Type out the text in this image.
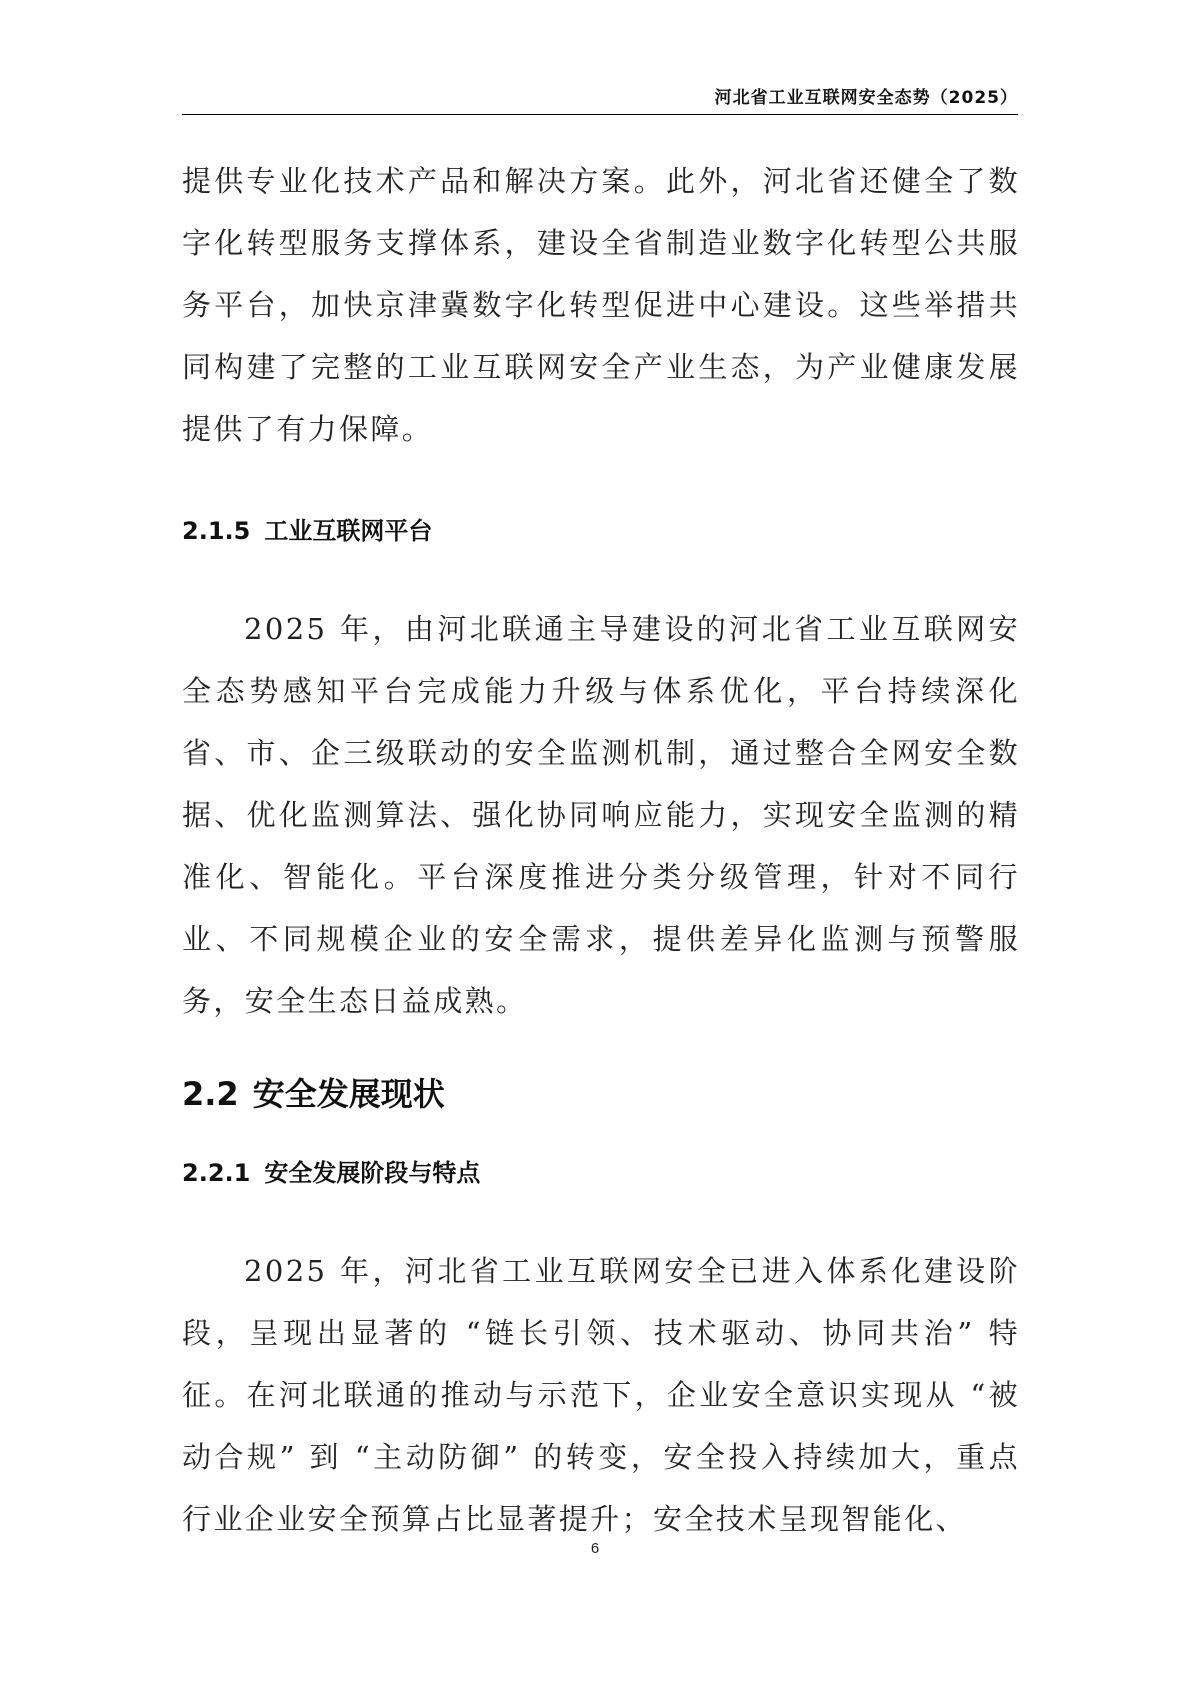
河北省工业互联网安全态势（2025）

提供专业化技术产品和解决方案。此外，河北省还健全了数字化转型服务支撑体系，建设全省制造业数字化转型公共服务平台，加快京津冀数字化转型促进中心建设。这些举措共同构建了完整的工业互联网安全产业生态，为产业健康发展提供了有力保障。

2.1.5 工业互联网平台

2025 年，由河北联通主导建设的河北省工业互联网安全态势感知平台完成能力升级与体系优化，平台持续深化省、市、企三级联动的安全监测机制，通过整合全网安全数据、优化监测算法、强化协同响应能力，实现安全监测的精准化、智能化。平台深度推进分类分级管理，针对不同行业、不同规模企业的安全需求，提供差异化监测与预警服务，安全生态日益成熟。

2.2 安全发展现状
2.2.1 安全发展阶段与特点

2025 年，河北省工业互联网安全已进入体系化建设阶段，呈现出显著的 “链长引领、技术驱动、协同共治” 特征。在河北联通的推动与示范下，企业安全意识实现从 “被动合规” 到 “主动防御” 的转变，安全投入持续加大，重点行业企业安全预算占比显著提升；安全技术呈现智能化、

6
